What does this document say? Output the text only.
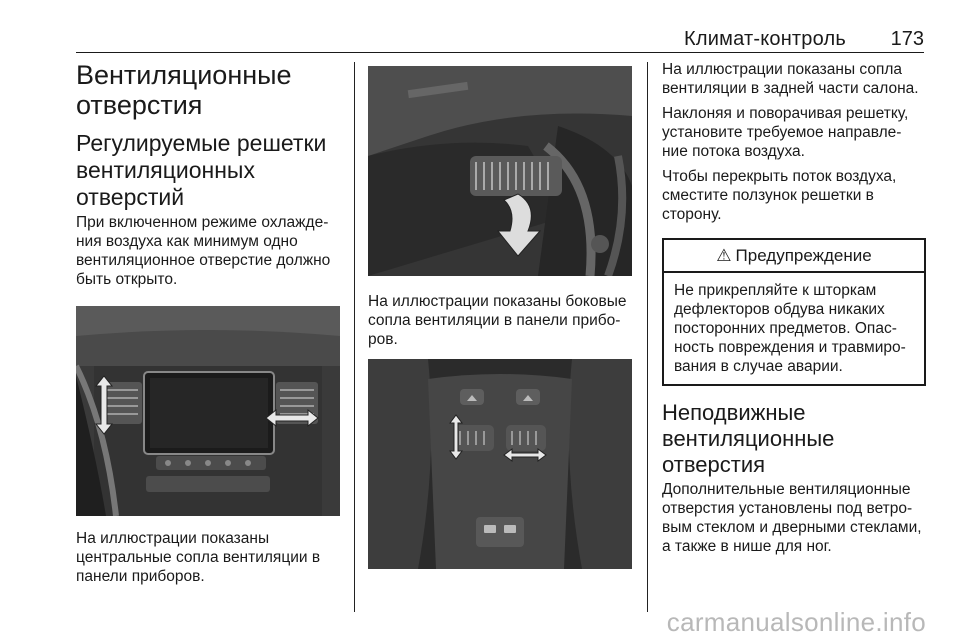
Климат-контроль 173
Вентиляционные отверстия
Регулируемые решетки вентиляционных отверстий

При включенном режиме охлажде-ния воздуха как минимум одно вентиляционное отверстие должно быть открыто.

На иллюстрации показаны центральные сопла вентиляции в панели приборов.

На иллюстрации показаны боковые сопла вентиляции в панели прибо-ров.

На иллюстрации показаны сопла вентиляции в задней части салона.

Наклоняя и поворачивая решетку, установите требуемое направле-ние потока воздуха.

Чтобы перекрыть поток воздуха, сместите ползунок решетки в сторону.

⚠ Предупреждение

Не прикрепляйте к шторкам дефлекторов обдува никаких посторонних предметов. Опас-ность повреждения и травмиро-вания в случае аварии.

Неподвижные вентиляционные отверстия

Дополнительные вентиляционные отверстия установлены под ветро-вым стеклом и дверными стеклами, а также в нише для ног.

carmanualsonline.info
